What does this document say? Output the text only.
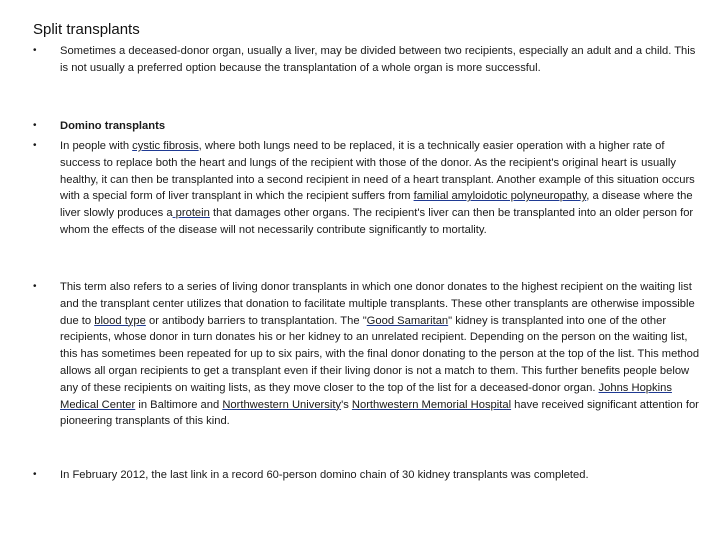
Split transplants
• Sometimes a deceased-donor organ, usually a liver, may be divided between two recipients, especially an adult and a child. This is not usually a preferred option because the transplantation of a whole organ is more successful.
• Domino transplants
• In people with cystic fibrosis, where both lungs need to be replaced, it is a technically easier operation with a higher rate of success to replace both the heart and lungs of the recipient with those of the donor. As the recipient's original heart is usually healthy, it can then be transplanted into a second recipient in need of a heart transplant. Another example of this situation occurs with a special form of liver transplant in which the recipient suffers from familial amyloidotic polyneuropathy, a disease where the liver slowly produces a protein that damages other organs. The recipient's liver can then be transplanted into an older person for whom the effects of the disease will not necessarily contribute significantly to mortality.
• This term also refers to a series of living donor transplants in which one donor donates to the highest recipient on the waiting list and the transplant center utilizes that donation to facilitate multiple transplants. These other transplants are otherwise impossible due to blood type or antibody barriers to transplantation. The "Good Samaritan" kidney is transplanted into one of the other recipients, whose donor in turn donates his or her kidney to an unrelated recipient. Depending on the person on the waiting list, this has sometimes been repeated for up to six pairs, with the final donor donating to the person at the top of the list. This method allows all organ recipients to get a transplant even if their living donor is not a match to them. This further benefits people below any of these recipients on waiting lists, as they move closer to the top of the list for a deceased-donor organ. Johns Hopkins Medical Center in Baltimore and Northwestern University's Northwestern Memorial Hospital have received significant attention for pioneering transplants of this kind.
• In February 2012, the last link in a record 60-person domino chain of 30 kidney transplants was completed.
